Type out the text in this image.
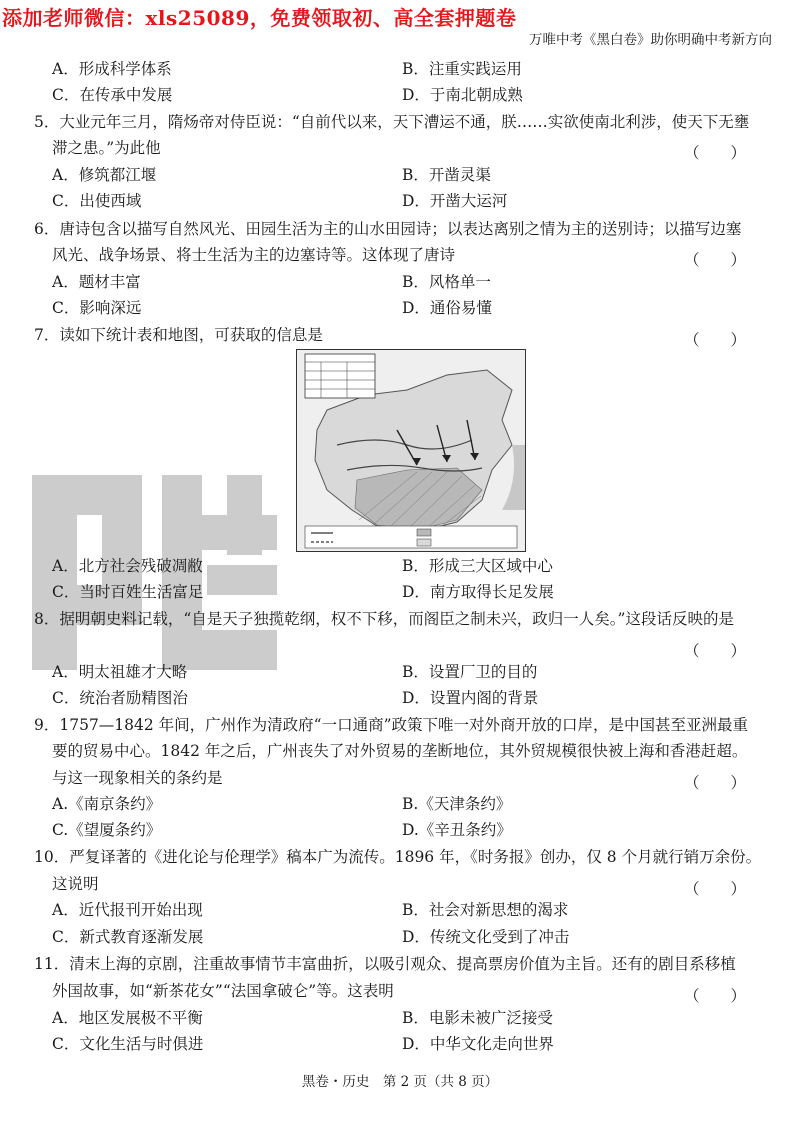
添加老师微信：xls25089，免费领取初、高全套押题卷
万唯中考《黑白卷》助你明确中考新方向
A．形成科学体系	B．注重实践运用
C．在传承中发展	D．于南北朝成熟
5．大业元年三月，隋炀帝对侍臣说：“自前代以来，天下漕运不通，朕……实欲使南北利涉，使天下无壅
滞之患。”为此他	（　　）
A．修筑都江堰	B．开凿灵渠
C．出使西域	D．开凿大运河
6．唐诗包含以描写自然风光、田园生活为主的山水田园诗；以表达离别之情为主的送别诗；以描写边塞
风光、战争场景、将士生活为主的边塞诗等。这体现了唐诗	（　　）
A．题材丰富	B．风格单一
C．影响深远	D．通俗易懂
7．读如下统计表和地图，可获取的信息是	（　　）
A．北方社会残破凋敝	B．形成三大区域中心
C．当时百姓生活富足	D．南方取得长足发展
8．据明朝史料记载，“自是天子独揽乾纲，权不下移，而阁臣之制未兴，政归一人矣。”这段话反映的是
（　　）
A．明太祖雄才大略	B．设置厂卫的目的
C．统治者励精图治	D．设置内阁的背景
9．1757—1842 年间，广州作为清政府“一口通商”政策下唯一对外商开放的口岸，是中国甚至亚洲最重
要的贸易中心。1842 年之后，广州丧失了对外贸易的垄断地位，其外贸规模很快被上海和香港赶超。
与这一现象相关的条约是	（　　）
A.《南京条约》	B.《天津条约》
C.《望厦条约》	D.《辛丑条约》
10．严复译著的《进化论与伦理学》稿本广为流传。1896 年，《时务报》创办，仅 8 个月就行销万余份。
这说明	（　　）
A．近代报刊开始出现	B．社会对新思想的渴求
C．新式教育逐渐发展	D．传统文化受到了冲击
11．清末上海的京剧，注重故事情节丰富曲折，以吸引观众、提高票房价值为主旨。还有的剧目系移植
外国故事，如“新茶花女”“法国拿破仑”等。这表明	（　　）
A．地区发展极不平衡	B．电影未被广泛接受
C．文化生活与时俱进	D．中华文化走向世界
黑卷・历史　第 2 页（共 8 页）
